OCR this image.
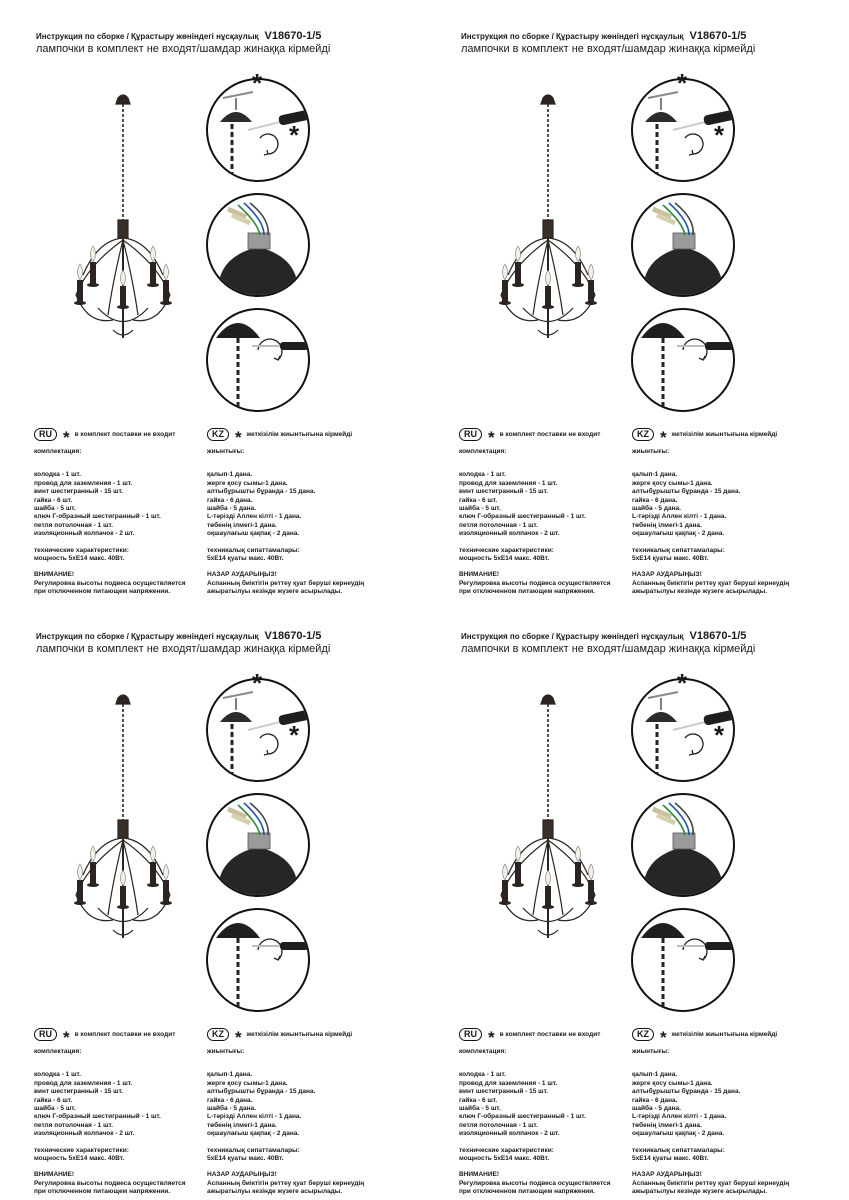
Инструкция по сборке / Құрастыру жөніндегі нұсқаулық V18670-1/5
лампочки в комплект не входят/шамдар жинаққа кірмейді
*
*
RU * в комплект поставки не входит	KZ * жеткізілім жиынтығына кірмейді
комплектация:
колодка - 1 шт.
провод для заземления - 1 шт.
винт шестигранный - 15 шт.
гайка - 6 шт.
шайба - 5 шт.
ключ Г-образный шестигранный - 1 шт.
петля потолочная - 1 шт.
изоляционный колпачок - 2 шт.
технические характеристики:
мощность 5хЕ14 макс. 40Вт.
ВНИМАНИЕ!
Регулировка высоты подвеса осуществляется
при отключенном питающем напряжении.
жиынтығы:
қалып-1 дана.
жерге қосу сымы-1 дана.
алтыбұрышты бұранда - 15 дана.
гайка - 6 дана.
шайба - 5 дана.
L-тәрізді Аллен кілті - 1 дана.
төбенің ілмегі-1 дана.
оқшаулағыш қақпақ - 2 дана.
техникалық сипаттамалары:
5хЕ14 қуаты макс. 40Вт.
НАЗАР АУДАРЫҢЫЗ!
Аспанның биіктігін реттеу қуат беруші кернеудің
ажыратылуы кезінде жүзеге асырылады.
Инструкция по сборке / Құрастыру жөніндегі нұсқаулық V18670-1/5
лампочки в комплект не входят/шамдар жинаққа кірмейді
*
*
RU * в комплект поставки не входит	KZ * жеткізілім жиынтығына кірмейді
комплектация:
колодка - 1 шт.
провод для заземления - 1 шт.
винт шестигранный - 15 шт.
гайка - 6 шт.
шайба - 5 шт.
ключ Г-образный шестигранный - 1 шт.
петля потолочная - 1 шт.
изоляционный колпачок - 2 шт.
технические характеристики:
мощность 5хЕ14 макс. 40Вт.
ВНИМАНИЕ!
Регулировка высоты подвеса осуществляется
при отключенном питающем напряжении.
жиынтығы:
қалып-1 дана.
жерге қосу сымы-1 дана.
алтыбұрышты бұранда - 15 дана.
гайка - 6 дана.
шайба - 5 дана.
L-тәрізді Аллен кілті - 1 дана.
төбенің ілмегі-1 дана.
оқшаулағыш қақпақ - 2 дана.
техникалық сипаттамалары:
5хЕ14 қуаты макс. 40Вт.
НАЗАР АУДАРЫҢЫЗ!
Аспанның биіктігін реттеу қуат беруші кернеудің
ажыратылуы кезінде жүзеге асырылады.
Инструкция по сборке / Құрастыру жөніндегі нұсқаулық V18670-1/5
лампочки в комплект не входят/шамдар жинаққа кірмейді
*
*
RU * в комплект поставки не входит	KZ * жеткізілім жиынтығына кірмейді
комплектация:
колодка - 1 шт.
провод для заземления - 1 шт.
винт шестигранный - 15 шт.
гайка - 6 шт.
шайба - 5 шт.
ключ Г-образный шестигранный - 1 шт.
петля потолочная - 1 шт.
изоляционный колпачок - 2 шт.
технические характеристики:
мощность 5хЕ14 макс. 40Вт.
ВНИМАНИЕ!
Регулировка высоты подвеса осуществляется
при отключенном питающем напряжении.
жиынтығы:
қалып-1 дана.
жерге қосу сымы-1 дана.
алтыбұрышты бұранда - 15 дана.
гайка - 6 дана.
шайба - 5 дана.
L-тәрізді Аллен кілті - 1 дана.
төбенің ілмегі-1 дана.
оқшаулағыш қақпақ - 2 дана.
техникалық сипаттамалары:
5хЕ14 қуаты макс. 40Вт.
НАЗАР АУДАРЫҢЫЗ!
Аспанның биіктігін реттеу қуат беруші кернеудің
ажыратылуы кезінде жүзеге асырылады.
Инструкция по сборке / Құрастыру жөніндегі нұсқаулық V18670-1/5
лампочки в комплект не входят/шамдар жинаққа кірмейді
*
*
RU * в комплект поставки не входит	KZ * жеткізілім жиынтығына кірмейді
комплектация:
колодка - 1 шт.
провод для заземления - 1 шт.
винт шестигранный - 15 шт.
гайка - 6 шт.
шайба - 5 шт.
ключ Г-образный шестигранный - 1 шт.
петля потолочная - 1 шт.
изоляционный колпачок - 2 шт.
технические характеристики:
мощность 5хЕ14 макс. 40Вт.
ВНИМАНИЕ!
Регулировка высоты подвеса осуществляется
при отключенном питающем напряжении.
жиынтығы:
қалып-1 дана.
жерге қосу сымы-1 дана.
алтыбұрышты бұранда - 15 дана.
гайка - 6 дана.
шайба - 5 дана.
L-тәрізді Аллен кілті - 1 дана.
төбенің ілмегі-1 дана.
оқшаулағыш қақпақ - 2 дана.
техникалық сипаттамалары:
5хЕ14 қуаты макс. 40Вт.
НАЗАР АУДАРЫҢЫЗ!
Аспанның биіктігін реттеу қуат беруші кернеудің
ажыратылуы кезінде жүзеге асырылады.
